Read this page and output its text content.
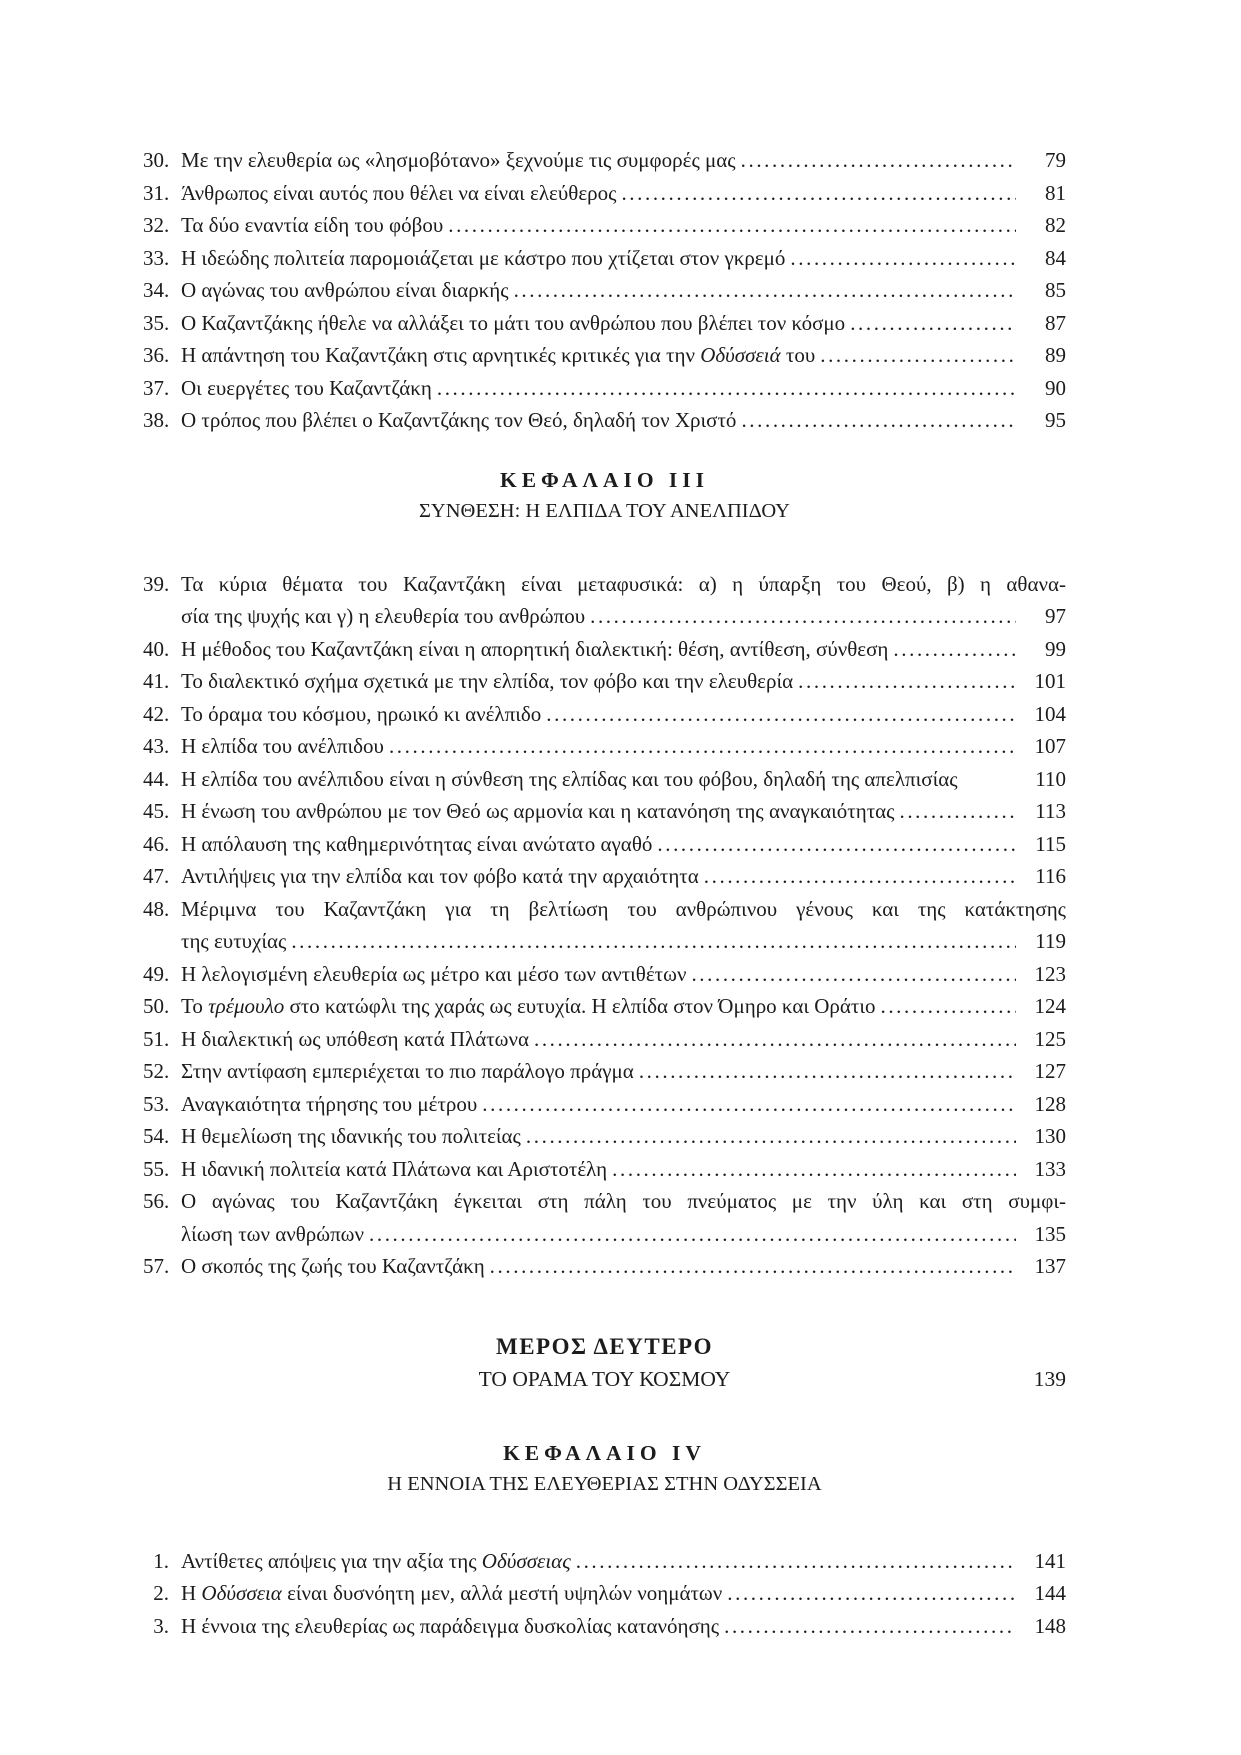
30. Με την ελευθερία ως «λησμοβότανο» ξεχνούμε τις συμφορές μας .....	79
31. Άνθρωπος είναι αυτός που θέλει να είναι ελεύθερος .....	81
32. Τα δύο εναντία είδη του φόβου .....	82
33. Η ιδεώδης πολιτεία παρομοιάζεται με κάστρο που χτίζεται στον γκρεμό .....	84
34. Ο αγώνας του ανθρώπου είναι διαρκής .....	85
35. Ο Καζαντζάκης ήθελε να αλλάξει το μάτι του ανθρώπου που βλέπει τον κόσμο .....	87
36. Η απάντηση του Καζαντζάκη στις αρνητικές κριτικές για την Οδύσσειά του .....	89
37. Οι ευεργέτες του Καζαντζάκη .....	90
38. Ο τρόπος που βλέπει ο Καζαντζάκης τον Θεό, δηλαδή τον Χριστό .....	95
ΚΕΦΑΛΑΙΟ ΙΙΙ
ΣΥΝΘΕΣΗ: Η ΕΛΠΙΔΑ ΤΟΥ ΑΝΕΛΠΙΔΟΥ
39. Τα κύρια θέματα του Καζαντζάκη είναι μεταφυσικά: α) η ύπαρξη του Θεού, β) η αθανα-
σία της ψυχής και γ) η ελευθερία του ανθρώπου .....	97
40. Η μέθοδος του Καζαντζάκη είναι η απορητική διαλεκτική: θέση, αντίθεση, σύνθεση .....	99
41. Το διαλεκτικό σχήμα σχετικά με την ελπίδα, τον φόβο και την ελευθερία .....	101
42. Το όραμα του κόσμου, ηρωικό κι ανέλπιδο .....	104
43. Η ελπίδα του ανέλπιδου .....	107
44. Η ελπίδα του ανέλπιδου είναι η σύνθεση της ελπίδας και του φόβου, δηλαδή της απελπισίας	110
45. Η ένωση του ανθρώπου με τον Θεό ως αρμονία και η κατανόηση της αναγκαιότητας .....	113
46. Η απόλαυση της καθημερινότητας είναι ανώτατο αγαθό .....	115
47. Αντιλήψεις για την ελπίδα και τον φόβο κατά την αρχαιότητα .....	116
48. Μέριμνα του Καζαντζάκη για τη βελτίωση του ανθρώπινου γένους και της κατάκτησης
της ευτυχίας .....	119
49. Η λελογισμένη ελευθερία ως μέτρο και μέσο των αντιθέτων .....	123
50. Το τρέμουλο στο κατώφλι της χαράς ως ευτυχία. Η ελπίδα στον Όμηρο και Οράτιο .....	124
51. Η διαλεκτική ως υπόθεση κατά Πλάτωνα .....	125
52. Στην αντίφαση εμπεριέχεται το πιο παράλογο πράγμα .....	127
53. Αναγκαιότητα τήρησης του μέτρου .....	128
54. Η θεμελίωση της ιδανικής του πολιτείας .....	130
55. Η ιδανική πολιτεία κατά Πλάτωνα και Αριστοτέλη .....	133
56. Ο αγώνας του Καζαντζάκη έγκειται στη πάλη του πνεύματος με την ύλη και στη συμφι-
λίωση των ανθρώπων .....	135
57. Ο σκοπός της ζωής του Καζαντζάκη .....	137
ΜΕΡΟΣ ΔΕΥΤΕΡΟ
ΤΟ ΟΡΑΜΑ ΤΟΥ ΚΟΣΜΟΥ	139
ΚΕΦΑΛΑΙΟ ΙV
Η ΕΝΝΟΙΑ ΤΗΣ ΕΛΕΥΘΕΡΙΑΣ ΣΤΗΝ ΟΔΥΣΣΕΙΑ
1. Αντίθετες απόψεις για την αξία της Οδύσσειας .....	141
2. Η Οδύσσεια είναι δυσνόητη μεν, αλλά μεστή υψηλών νοημάτων .....	144
3. Η έννοια της ελευθερίας ως παράδειγμα δυσκολίας κατανόησης .....	148
